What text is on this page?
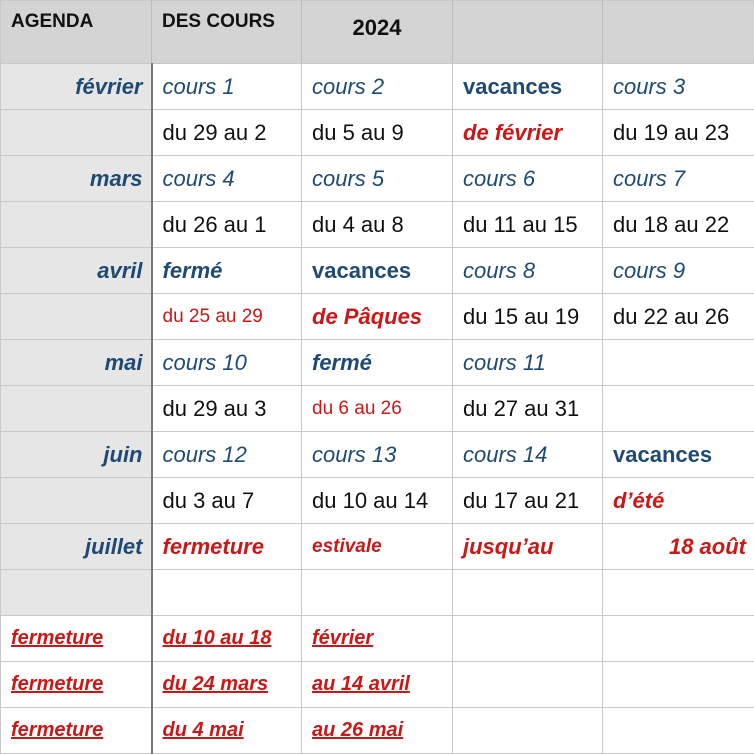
AGENDA	DES COURS	2024		
février	cours 1	cours 2	vacances	cours 3
	du 29 au 2	du 5 au 9	de février	du 19 au 23
mars	cours 4	cours 5	cours 6	cours 7
	du 26 au 1	du 4 au 8	du 11 au 15	du 18 au 22
avril	fermé	vacances	cours 8	cours 9
	du 25 au 29	de Pâques	du 15 au 19	du 22 au 26
mai	cours 10	fermé	cours 11	
	du 29 au 3	du 6 au 26	du 27 au 31	
juin	cours 12	cours 13	cours 14	vacances
	du 3 au 7	du 10 au 14	du 17 au 21	d’été
juillet	fermeture	estivale	jusqu’au	18 août

fermeture	du 10 au 18	février		
fermeture	du 24 mars	au 14 avril		
fermeture	du 4 mai	au 26 mai		
